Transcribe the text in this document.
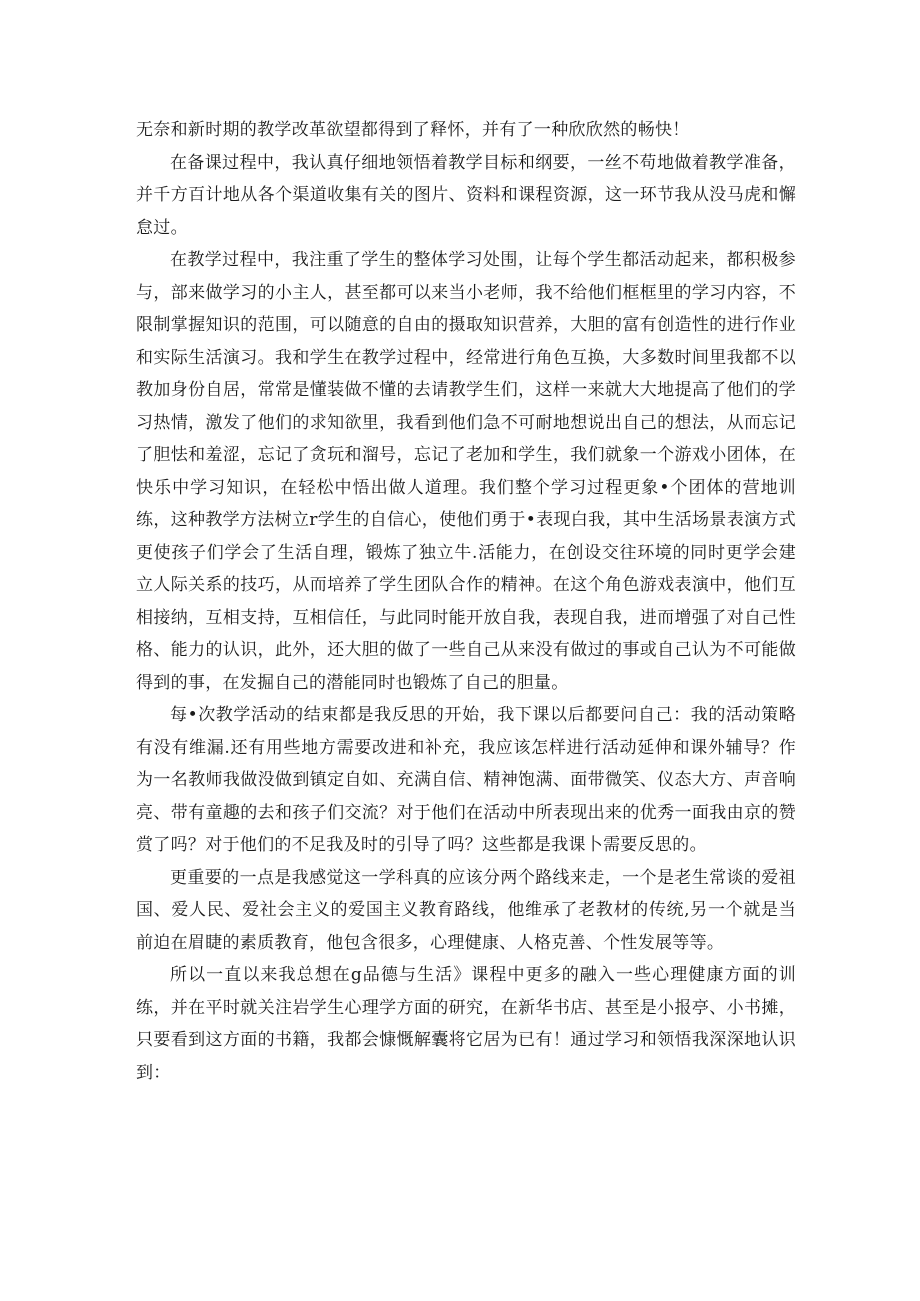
无奈和新时期的教学改革欲望都得到了释怀，并有了一种欣欣然的畅快！

在备课过程中，我认真仔细地领悟着教学目标和纲要，一丝不苟地做着教学准备，并千方百计地从各个渠道收集有关的图片、资料和课程资源，这一环节我从没马虎和懈怠过。

在教学过程中，我注重了学生的整体学习处围，让每个学生都活动起来，都积极参与，部来做学习的小主人，甚至都可以来当小老师，我不给他们框框里的学习内容，不限制掌握知识的范围，可以随意的自由的摄取知识营养，大胆的富有创造性的进行作业和实际生活演习。我和学生在教学过程中，经常进行角色互换，大多数时间里我都不以教加身份自居，常常是懂装做不懂的去请教学生们，这样一来就大大地提高了他们的学习热情，激发了他们的求知欲里，我看到他们急不可耐地想说出自己的想法，从而忘记了胆怯和羞涩，忘记了贪玩和溜号，忘记了老加和学生，我们就象一个游戏小团体，在快乐中学习知识，在轻松中悟出做人道理。我们整个学习过程更象•个团体的营地训练，这种教学方法树立r学生的自信心，使他们勇于•表现白我，其中生活场景表演方式更使孩子们学会了生活自理，锻炼了独立牛.活能力，在创设交往环境的同时更学会建立人际关系的技巧，从而培养了学生团队合作的精神。在这个角色游戏表演中，他们互相接纳，互相支持，互相信任，与此同时能开放自我，表现自我，进而增强了对自己性格、能力的认识，此外，还大胆的做了一些自己从来没有做过的事或自己认为不可能做得到的事，在发掘自己的潜能同时也锻炼了自己的胆量。

每•次教学活动的结束都是我反思的开始，我下课以后都要问自己：我的活动策略有没有维漏.还有用些地方需要改进和补充，我应该怎样进行活动延伸和课外辅导？作为一名教师我做没做到镇定自如、充满自信、精神饱满、面带微笑、仪态大方、声音响亮、带有童趣的去和孩子们交流？对于他们在活动中所表现出来的优秀一面我由京的赞赏了吗？对于他们的不足我及时的引导了吗？这些都是我课卜需要反思的。

更重要的一点是我感觉这一学科真的应该分两个路线来走，一个是老生常谈的爱祖国、爱人民、爱社会主义的爱国主义教育路线，他维承了老教材的传统,另一个就是当前迫在眉睫的素质教育，他包含很多，心理健康、人格克善、个性发展等等。

所以一直以来我总想在g品德与生活》课程中更多的融入一些心理健康方面的训练，并在平时就关注岩学生心理学方面的研究，在新华书店、甚至是小报亭、小书摊，只要看到这方面的书籍，我都会慷慨解囊将它居为已有！通过学习和领悟我深深地认识到：
